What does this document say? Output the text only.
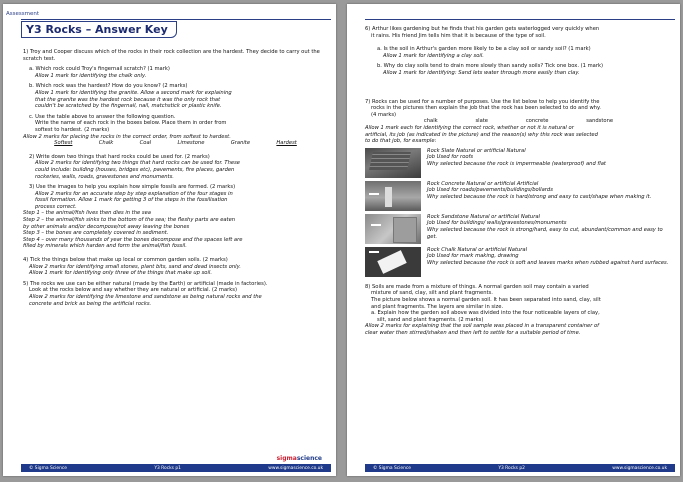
Assessment
Y3 Rocks – Answer Key

1) Troy and Cooper discuss which of the rocks in their rock collection are the hardest. They decide to carry out the scratch test.

a. Which rock could Troy's fingernail scratch? (1 mark)

Allow 1 mark for identifying the chalk only.

b. Which rock was the hardest? How do you know? (2 marks)

Allow 1 mark for identifying the granite. Allow a second mark for explaining

that the granite was the hardest rock because it was the only rock that

couldn't be scratched by the fingernail, nail, matchstick or plastic knife.

c. Use the table above to answer the following question.

Write the name of each rock in the boxes below. Place them in order from

softest to hardest. (2 marks)

Allow 2 marks for placing the rocks in the correct order, from softest to hardest.

Softest	Chalk	Coal	Limestone	Granite	Hardest

2) Write down two things that hard rocks could be used for. (2 marks)

Allow 2 marks for identifying two things that hard rocks can be used for. These

could include: building (houses, bridges etc), pavements, fire places, garden

rockeries, walls, roads, gravestones and monuments.

3) Use the images to help you explain how simple fossils are formed. (2 marks)

Allow 2 marks for an accurate step by step explanation of the four stages in

fossil formation. Allow 1 mark for getting 3 of the steps in the fossilisation

process correct.

Step 1 – the animal/fish lives then dies in the sea

Step 2 – the animal/fish sinks to the bottom of the sea; the fleshy parts are eaten

by other animals and/or decompose/rot away leaving the bones

Step 3 – the bones are completely covered in sediment.

Step 4 – over many thousands of year the bones decompose and the spaces left are

filled by minerals which harden and form the animal/fish fossil.

4) Tick the things below that make up local or common garden soils. (2 marks)

Allow 2 marks for identifying small stones, plant bits, sand and dead insects only.

Allow 1 mark for identifying only three of the things that make up soil.

5) The rocks we use can be either natural (made by the Earth) or artificial (made in factories).

Look at the rocks below and say whether they are natural or artificial. (2 marks)

Allow 2 marks for identifying the limestone and sandstone as being natural rocks and the

concrete and brick as being the artificial rocks.

sigmascience
© Sigma Science	Y3 Rocks p1	www.sigmascience.co.uk

6) Arthur likes gardening but he finds that his garden gets waterlogged very quickly when

it rains. His friend Jim tells him that it is because of the type of soil.

a. Is the soil in Arthur's garden more likely to be a clay soil or sandy soil? (1 mark)

Allow 1 mark for identifying a clay soil.

b. Why do clay soils tend to drain more slowly than sandy soils? Tick one box. (1 mark)

Allow 1 mark for identifying: Sand lets water through more easily than clay.

7) Rocks can be used for a number of purposes. Use the list below to help you identify the

rocks in the pictures then explain the job that the rock has been selected to do and why.

(4 marks)

chalk	slate	concrete	sandstone

Allow 1 mark each for identifying the correct rock, whether or not it is natural or

artificial, its job (as indicated in the picture) and the reason(s) why this rock was selected

to do that job, for example:

Rock Slate Natural or artificial Natural

Job Used for roofs

Why selected because the rock is impermeable (waterproof) and flat

Rock Concrete Natural or artificial Artificial

Job Used for roads/pavements/buildings/bollards

Why selected because the rock is hard/strong and easy to cast/shape when making it.

Rock Sandstone Natural or artificial Natural

Job Used for buildings/ walls/gravestones/monuments

Why selected because the rock is strong/hard, easy to cut, abundant/common and easy to get.

Rock Chalk Natural or artificial Natural

Job Used for mark making, drawing

Why selected because the rock is soft and leaves marks when rubbed against hard surfaces.

8) Soils are made from a mixture of things. A normal garden soil may contain a varied

mixture of sand, clay, silt and plant fragments.

The picture below shows a normal garden soil. It has been separated into sand, clay, silt

and plant fragments. The layers are similar in size.

a. Explain how the garden soil above was divided into the four noticeable layers of clay,

silt, sand and plant fragments. (2 marks)

Allow 2 marks for explaining that the soil sample was placed in a transparent container of

clear water then stirred/shaken and then left to settle for a suitable period of time.

© Sigma Science	Y3 Rocks p2	www.sigmascience.co.uk
